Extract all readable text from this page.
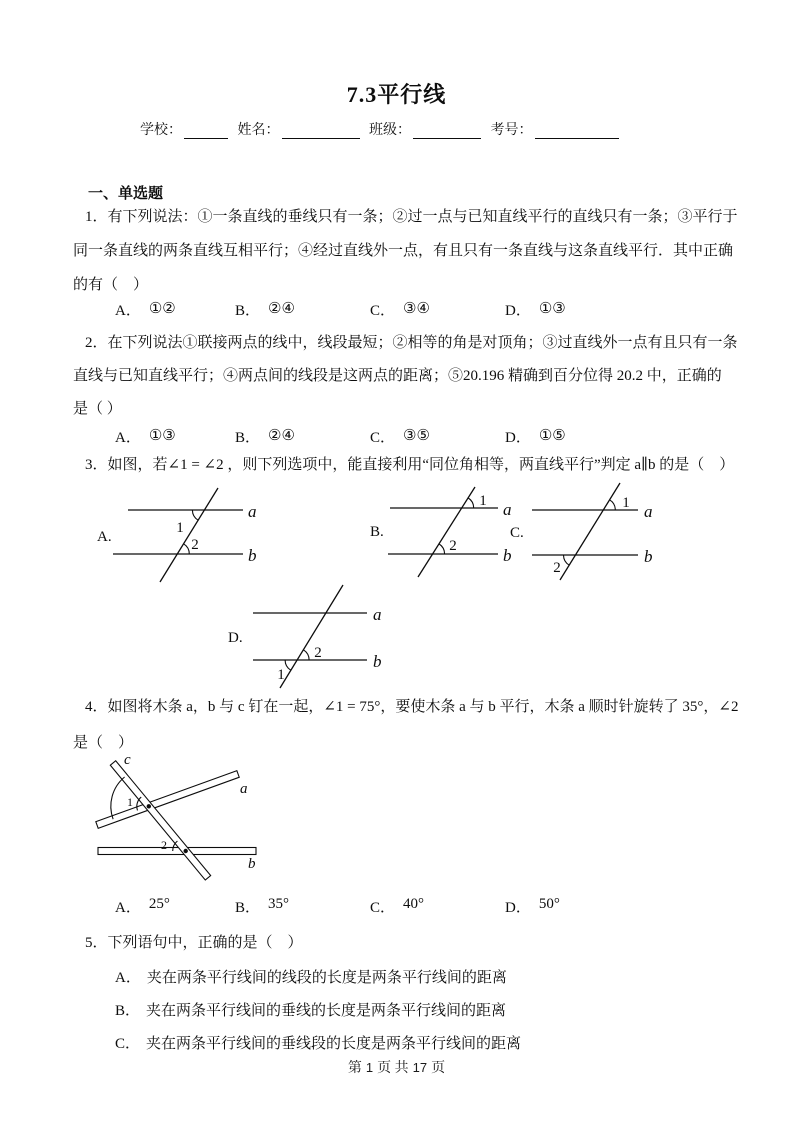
7.3平行线
学校：	姓名：	班级：	考号：
一、单选题
1．有下列说法：①一条直线的垂线只有一条；②过一点与已知直线平行的直线只有一条；③平行于
同一条直线的两条直线互相平行；④经过直线外一点，有且只有一条直线与这条直线平行．其中正确
的有（　）
A． ①②	B． ②④	C． ③④	D． ①③
2．在下列说法①联接两点的线中，线段最短；②相等的角是对顶角；③过直线外一点有且只有一条
直线与已知直线平行；④两点间的线段是这两点的距离；⑤20.196 精确到百分位得 20.2 中，正确的
是（ ）
A． ①③	B． ②④	C． ③⑤	D． ①⑤
3．如图，若∠1 = ∠2 ，则下列选项中，能直接利用“同位角相等，两直线平行”判定 a∥b 的是（　）
A.
a
b
1
2
B.
a
b
1
2
C.
a
b
1
2
D.
a
b
2
1
4．如图将木条 a，b 与 c 钉在一起，∠1 = 75°，要使木条 a 与 b 平行，木条 a 顺时针旋转了 35°，∠2
是（　）
c
a
b
1
2
A． 25°	B． 35°	C． 40°	D． 50°
5．下列语句中，正确的是（　）
A． 夹在两条平行线间的线段的长度是两条平行线间的距离
B． 夹在两条平行线间的垂线的长度是两条平行线间的距离
C． 夹在两条平行线间的垂线段的长度是两条平行线间的距离
第 1 页 共 17 页
